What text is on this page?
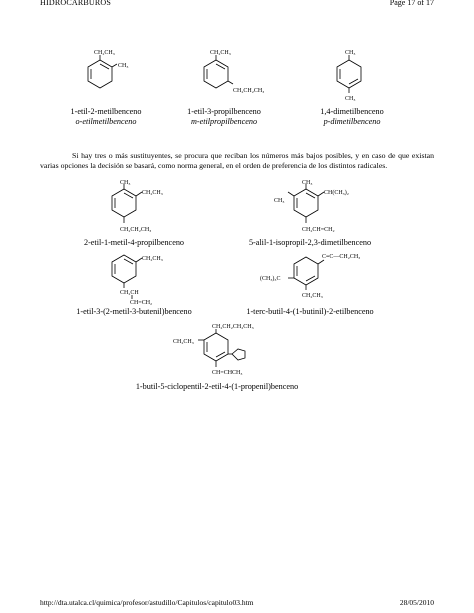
HIDROCARBUROS	Page 17 of 17
CH₂CH₃
CH₃
1-etil-2-metilbenceno
o-etilmetilbenceno
CH₂CH₃
CH₂CH₂CH₃
1-etil-3-propilbenceno
m-etilpropilbenceno
CH₃
CH₃
1,4-dimetilbenceno
p-dimetilbenceno

Si hay tres o más sustituyentes, se procura que reciban los números más bajos posibles, y en caso de que existan varias opciones la decisión se basará, como norma general, en el orden de preferencia de los distintos radicales.

CH₃
CH₂CH₃
CH₂CH₂CH₃
2-etil-1-metil-4-propilbenceno
CH₃
CH(CH₃)₂
CH₃
CH₂CH=CH₂
5-alil-1-isopropil-2,3-dimetilbenceno
CH₂CH₃
CH₂CH
CH=CH₂
1-etil-3-(2-metil-3-butenil)benceno
C≡C—CH₂CH₃
(CH₃)₃C
CH₂CH₃
1-terc-butil-4-(1-butinil)-2-etilbenceno
CH₂CH₂CH₂CH₃
CH₂CH₃
CH=CHCH₃
1-butil-5-ciclopentil-2-etil-4-(1-propenil)benceno
http://dta.utalca.cl/quimica/profesor/astudillo/Capitulos/capitulo03.htm	28/05/2010
